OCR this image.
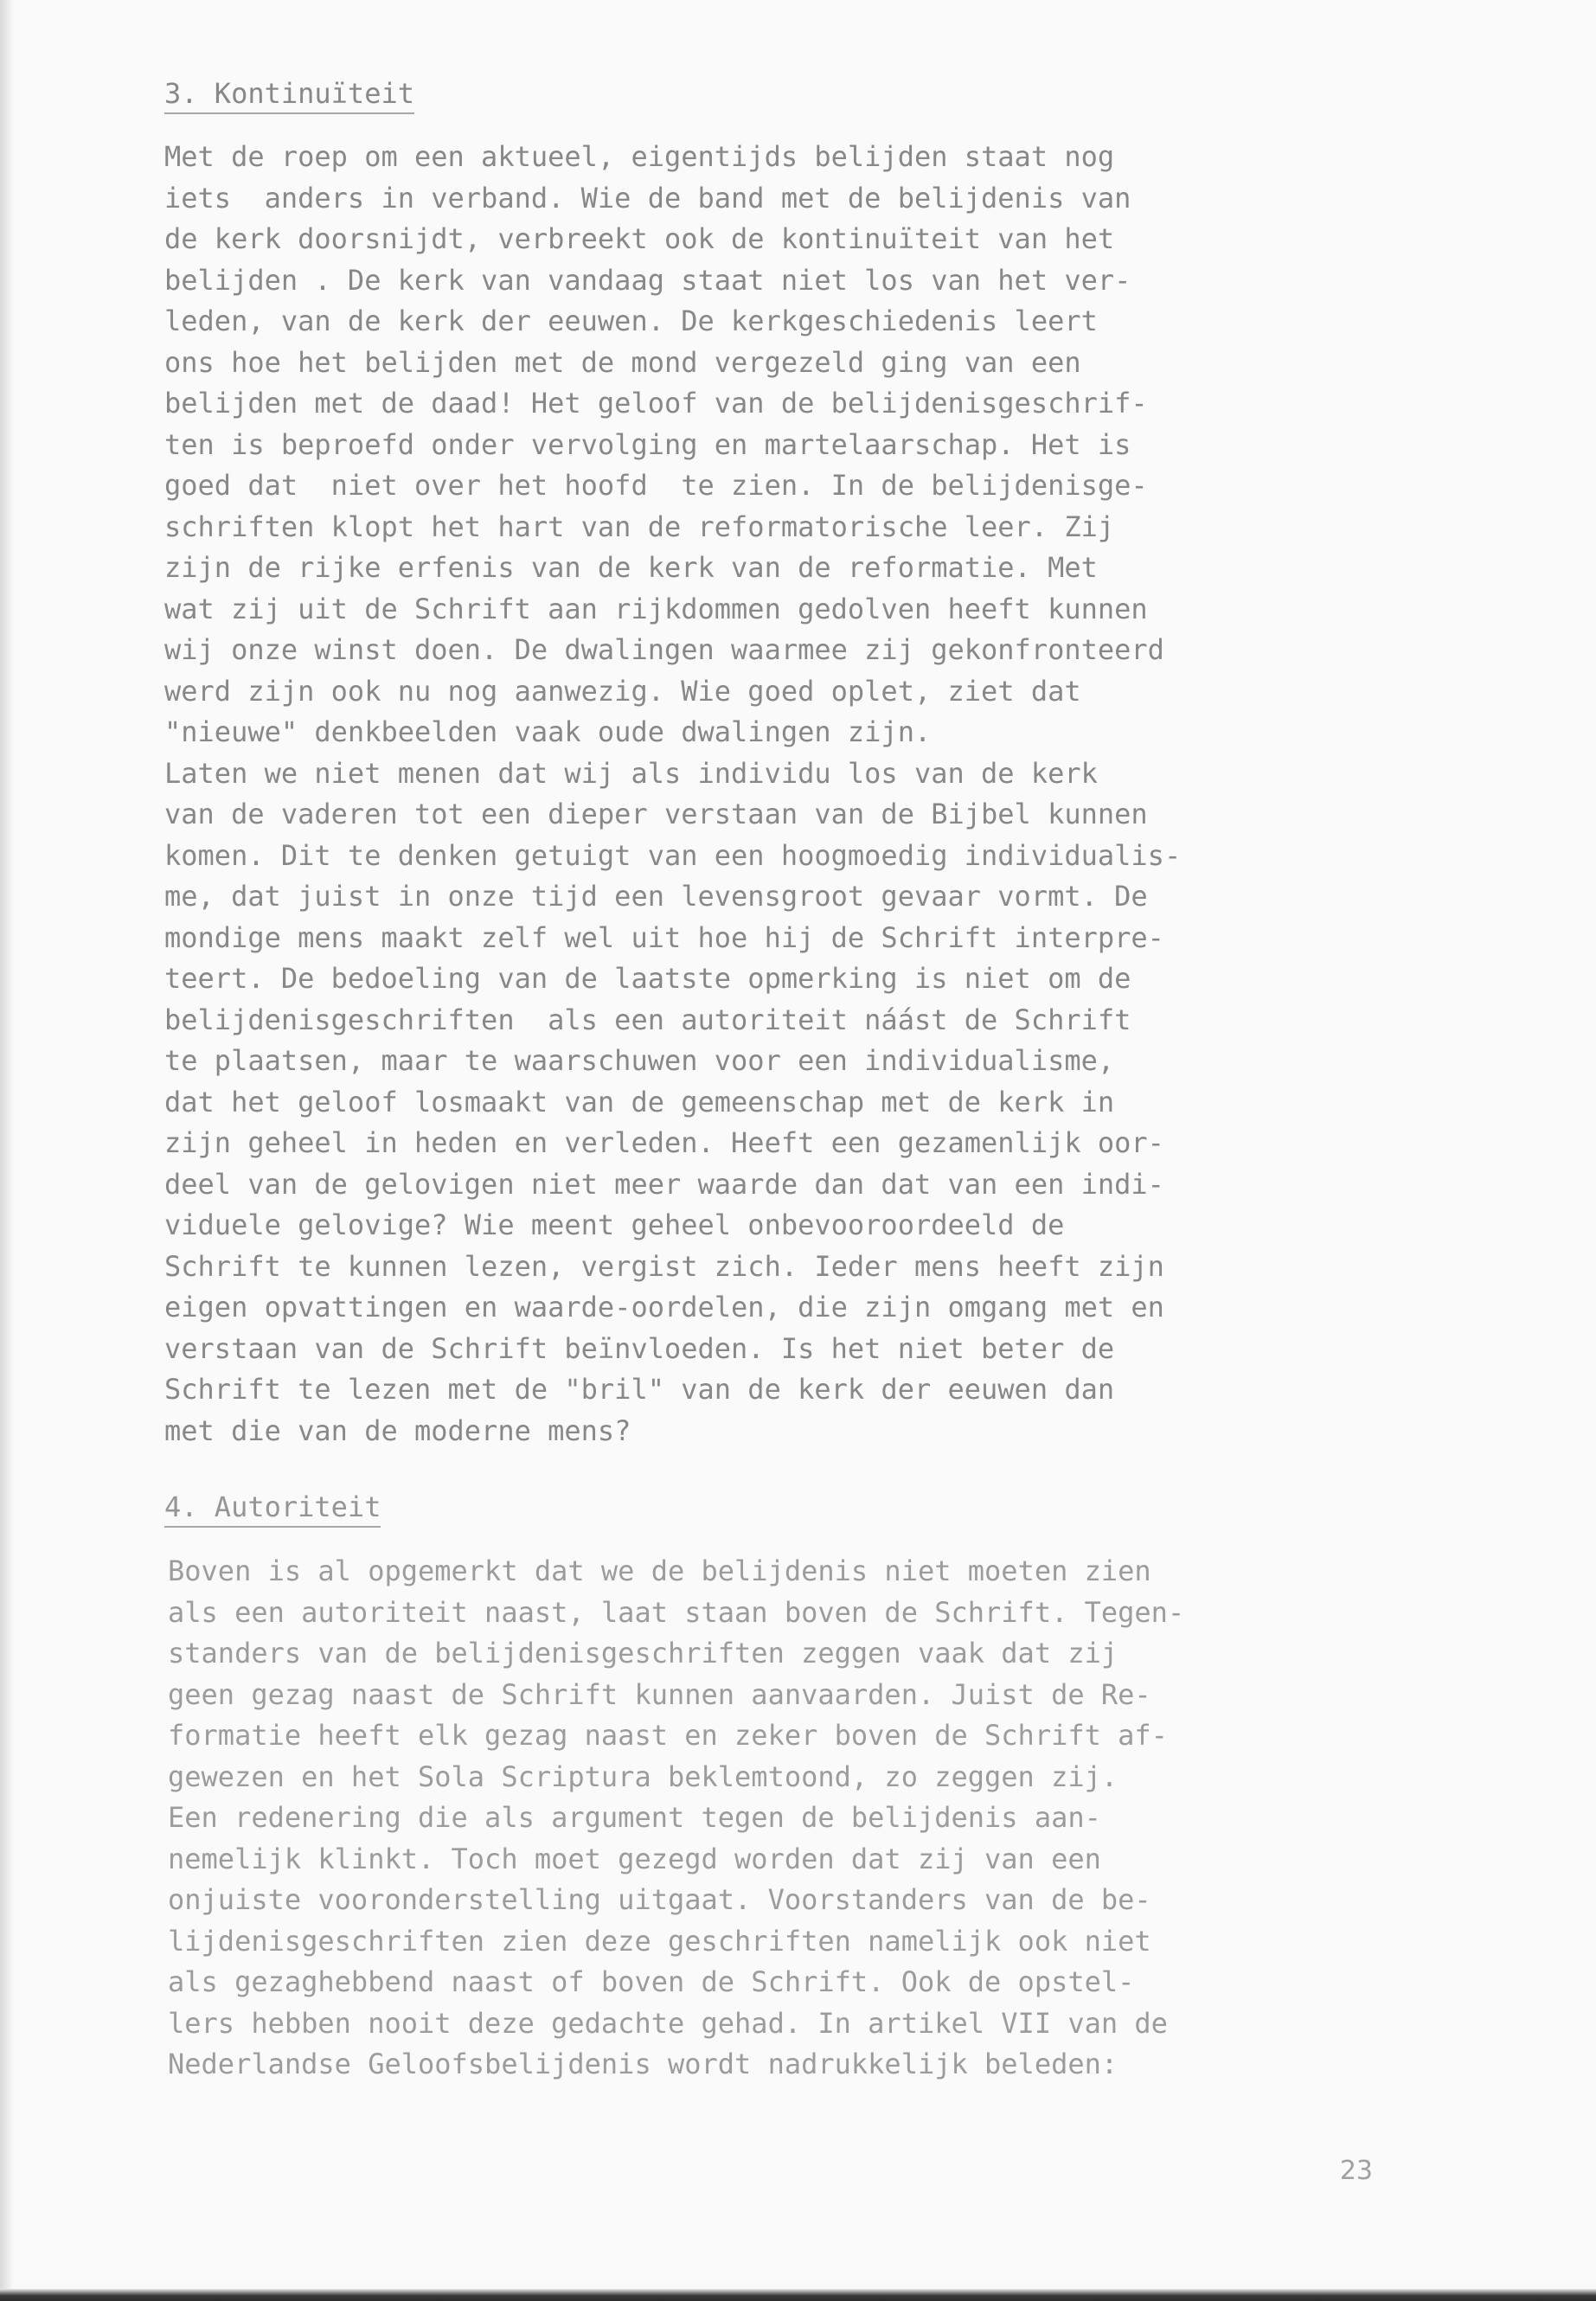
3. Kontinuïteit
Met de roep om een aktueel, eigentijds belijden staat nog
iets  anders in verband. Wie de band met de belijdenis van
de kerk doorsnijdt, verbreekt ook de kontinuïteit van het
belijden . De kerk van vandaag staat niet los van het ver-
leden, van de kerk der eeuwen. De kerkgeschiedenis leert
ons hoe het belijden met de mond vergezeld ging van een
belijden met de daad! Het geloof van de belijdenisgeschrif-
ten is beproefd onder vervolging en martelaarschap. Het is
goed dat  niet over het hoofd  te zien. In de belijdenisge-
schriften klopt het hart van de reformatorische leer. Zij
zijn de rijke erfenis van de kerk van de reformatie. Met
wat zij uit de Schrift aan rijkdommen gedolven heeft kunnen
wij onze winst doen. De dwalingen waarmee zij gekonfronteerd
werd zijn ook nu nog aanwezig. Wie goed oplet, ziet dat
"nieuwe" denkbeelden vaak oude dwalingen zijn.
Laten we niet menen dat wij als individu los van de kerk
van de vaderen tot een dieper verstaan van de Bijbel kunnen
komen. Dit te denken getuigt van een hoogmoedig individualis-
me, dat juist in onze tijd een levensgroot gevaar vormt. De
mondige mens maakt zelf wel uit hoe hij de Schrift interpre-
teert. De bedoeling van de laatste opmerking is niet om de
belijdenisgeschriften  als een autoriteit náást de Schrift
te plaatsen, maar te waarschuwen voor een individualisme,
dat het geloof losmaakt van de gemeenschap met de kerk in
zijn geheel in heden en verleden. Heeft een gezamenlijk oor-
deel van de gelovigen niet meer waarde dan dat van een indi-
viduele gelovige? Wie meent geheel onbevooroordeeld de
Schrift te kunnen lezen, vergist zich. Ieder mens heeft zijn
eigen opvattingen en waarde-oordelen, die zijn omgang met en
verstaan van de Schrift beïnvloeden. Is het niet beter de
Schrift te lezen met de "bril" van de kerk der eeuwen dan
met die van de moderne mens?
4. Autoriteit
Boven is al opgemerkt dat we de belijdenis niet moeten zien
als een autoriteit naast, laat staan boven de Schrift. Tegen-
standers van de belijdenisgeschriften zeggen vaak dat zij
geen gezag naast de Schrift kunnen aanvaarden. Juist de Re-
formatie heeft elk gezag naast en zeker boven de Schrift af-
gewezen en het Sola Scriptura beklemtoond, zo zeggen zij.
Een redenering die als argument tegen de belijdenis aan-
nemelijk klinkt. Toch moet gezegd worden dat zij van een
onjuiste vooronderstelling uitgaat. Voorstanders van de be-
lijdenisgeschriften zien deze geschriften namelijk ook niet
als gezaghebbend naast of boven de Schrift. Ook de opstel-
lers hebben nooit deze gedachte gehad. In artikel VII van de
Nederlandse Geloofsbelijdenis wordt nadrukkelijk beleden:
23
